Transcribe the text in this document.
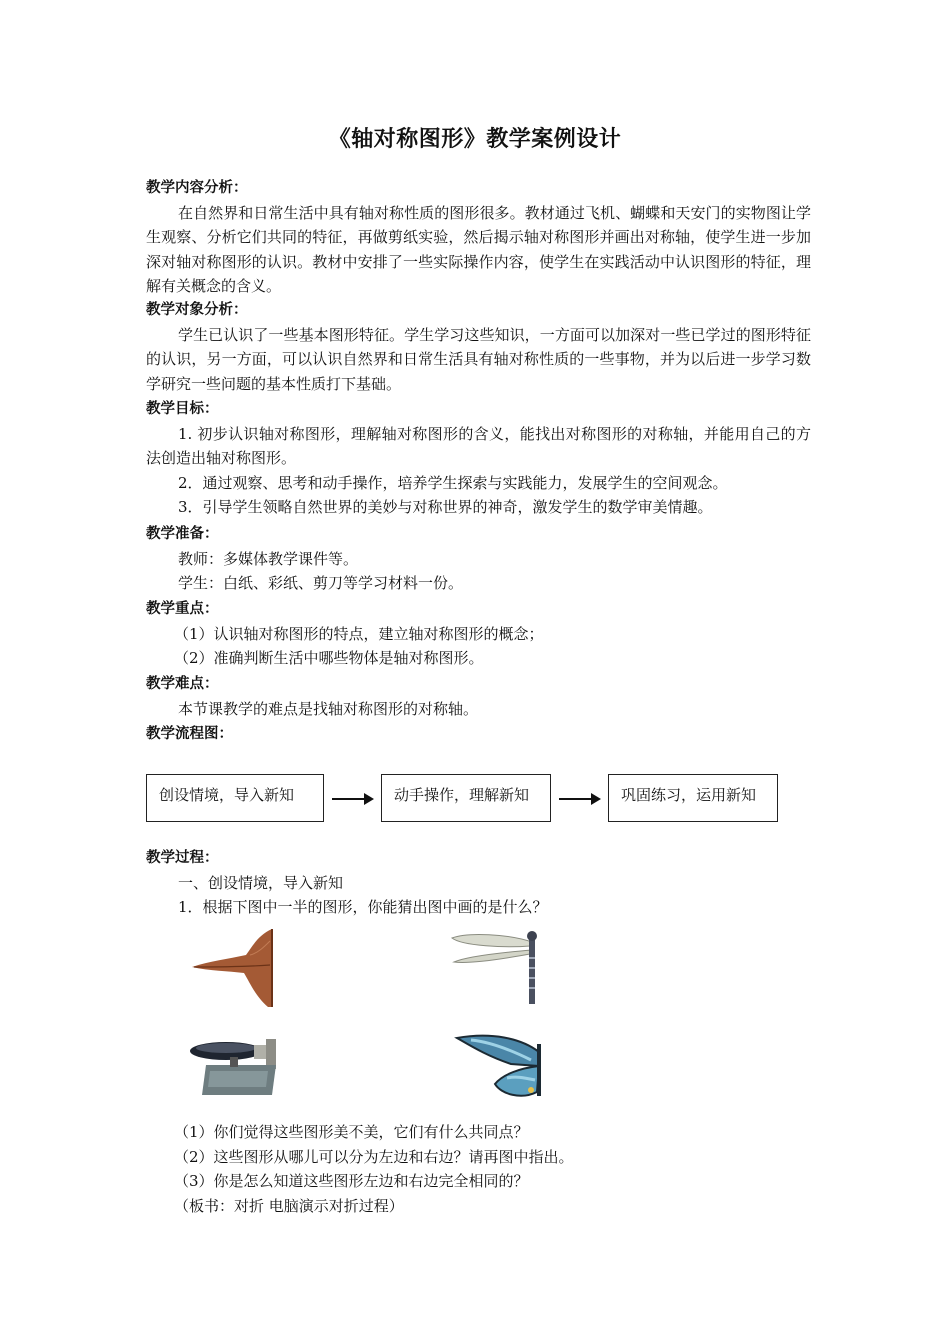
《轴对称图形》教学案例设计
教学内容分析：
在自然界和日常生活中具有轴对称性质的图形很多。教材通过飞机、蝴蝶和天安门的实物图让学生观察、分析它们共同的特征，再做剪纸实验，然后揭示轴对称图形并画出对称轴，使学生进一步加深对轴对称图形的认识。教材中安排了一些实际操作内容，使学生在实践活动中认识图形的特征，理解有关概念的含义。
教学对象分析：
学生已认识了一些基本图形特征。学生学习这些知识，一方面可以加深对一些已学过的图形特征的认识，另一方面，可以认识自然界和日常生活具有轴对称性质的一些事物，并为以后进一步学习数学研究一些问题的基本性质打下基础。
教学目标：
1. 初步认识轴对称图形，理解轴对称图形的含义，能找出对称图形的对称轴，并能用自己的方法创造出轴对称图形。
2．通过观察、思考和动手操作，培养学生探索与实践能力，发展学生的空间观念。
3．引导学生领略自然世界的美妙与对称世界的神奇，激发学生的数学审美情趣。
教学准备：
教师：多媒体教学课件等。
学生：白纸、彩纸、剪刀等学习材料一份。
教学重点：
（1）认识轴对称图形的特点，建立轴对称图形的概念；
（2）准确判断生活中哪些物体是轴对称图形。
教学难点：
本节课教学的难点是找轴对称图形的对称轴。
教学流程图：
创设情境，导入新知	动手操作，理解新知	巩固练习，运用新知
教学过程：
一、创设情境，导入新知
1．根据下图中一半的图形，你能猜出图中画的是什么？
（1）你们觉得这些图形美不美，它们有什么共同点？
（2）这些图形从哪儿可以分为左边和右边？请再图中指出。
（3）你是怎么知道这些图形左边和右边完全相同的？
（板书：对折 电脑演示对折过程）
